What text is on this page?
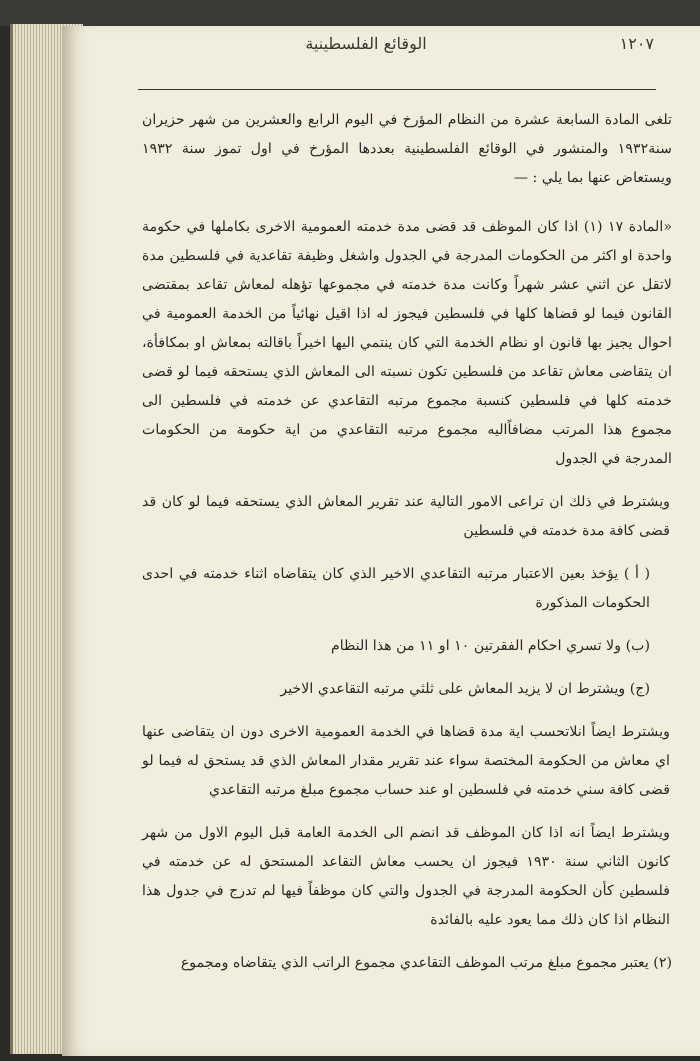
١٢٠٧
الوقائع الفلسطينية

تلغى المادة السابعة عشرة من النظام المؤرخ في اليوم الرابع والعشرين من شهر حزيران سنة١٩٣٢ والمنشور في الوقائع الفلسطينية بعددها المؤرخ في اول تموز سنة ١٩٣٢ ويستعاض عنها بما يلي : —

«المادة ١٧ (١) اذا كان الموظف قد قضى مدة خدمته العمومية الاخرى بكاملها في حكومة واحدة او اكثر من الحكومات المدرجة في الجدول واشغل وظيفة تقاعدية في فلسطين مدة لاتقل عن اثني عشر شهراً وكانت مدة خدمته في مجموعها تؤهله لمعاش تقاعد بمقتضى القانون فيما لو قضاها كلها في فلسطين فيجوز له اذا اقيل نهائياً من الخدمة العمومية في احوال يجيز بها قانون او نظام الخدمة التي كان ينتمي اليها اخيراً باقالته بمعاش او بمكافأة، ان يتقاضى معاش تقاعد من فلسطين تكون نسبته الى المعاش الذي يستحقه فيما لو قضى خدمته كلها في فلسطين كنسبة مجموع مرتبه التقاعدي عن خدمته في فلسطين الى مجموع هذا المرتب مضافاًاليه مجموع مرتبه التقاعدي من اية حكومة من الحكومات المدرجة في الجدول

ويشترط في ذلك ان تراعى الامور التالية عند تقرير المعاش الذي يستحقه فيما لو كان قد قضى كافة مدة خدمته في فلسطين

( أ ) يؤخذ بعين الاعتبار مرتبه التقاعدي الاخير الذي كان يتقاضاه اثناء خدمته في احدى الحكومات المذكورة

(ب) ولا تسري احكام الفقرتين ١٠ او ١١ من هذا النظام

(ج) ويشترط ان لا يزيد المعاش على ثلثي مرتبه التقاعدي الاخير

ويشترط ايضاً انلاتحسب اية مدة قضاها في الخدمة العمومية الاخرى دون ان يتقاضى عنها اي معاش من الحكومة المختصة سواء عند تقرير مقدار المعاش الذي قد يستحق له فيما لو قضى كافة سني خدمته في فلسطين او عند حساب مجموع مبلغ مرتبه التقاعدي

ويشترط ايضاً انه اذا كان الموظف قد انضم الى الخدمة العامة قبل اليوم الاول من شهر كانون الثاني سنة ١٩٣٠ فيجوز ان يحسب معاش التقاعد المستحق له عن خدمته في فلسطين كأن الحكومة المدرجة في الجدول والتي كان موظفاً فيها لم تدرج في جدول هذا النظام اذا كان ذلك مما يعود عليه بالفائدة

(٢) يعتبر مجموع مبلغ مرتب الموظف التقاعدي مجموع الراتب الذي يتقاضاه ومجموع
